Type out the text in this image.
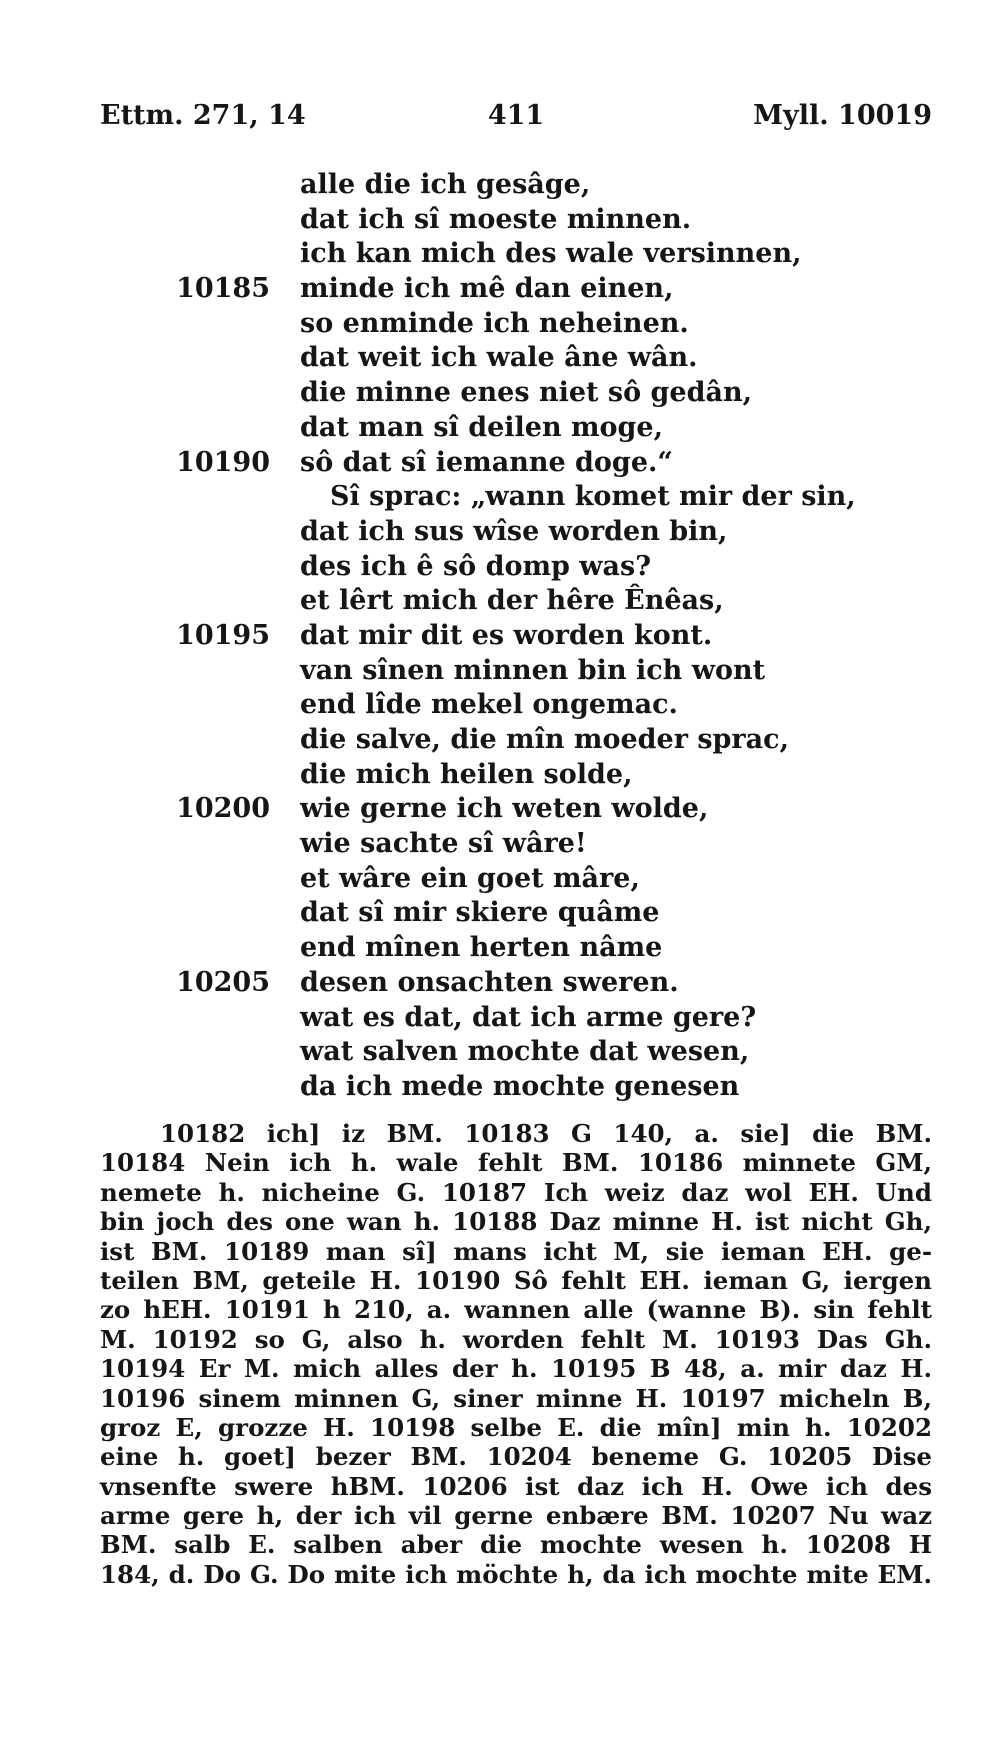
Ettm. 271, 14	411	Myll. 10019
alle die ich gesâge,
dat ich sî moeste minnen.
ich kan mich des wale versinnen,
10185 minde ich mê dan einen,
so enminde ich neheinen.
dat weit ich wale âne wân.
die minne enes niet sô gedân,
dat man sî deilen moge,
10190 sô dat sî iemanne doge.“
Sî sprac: „wann komet mir der sin,
dat ich sus wîse worden bin,
des ich ê sô domp was?
et lêrt mich der hêre Ênêas,
10195 dat mir dit es worden kont.
van sînen minnen bin ich wont
end lîde mekel ongemac.
die salve, die mîn moeder sprac,
die mich heilen solde,
10200 wie gerne ich weten wolde,
wie sachte sî wâre!
et wâre ein goet mâre,
dat sî mir skiere quâme
end mînen herten nâme
10205 desen onsachten sweren.
wat es dat, dat ich arme gere?
wat salven mochte dat wesen,
da ich mede mochte genesen
10182 ich] iz BM. 10183 G 140, a. sie] die BM.
10184 Nein ich h. wale fehlt BM. 10186 minnete GM,
nemete h. nicheine G. 10187 Ich weiz daz wol EH. Und
bin joch des one wan h. 10188 Daz minne H. ist nicht Gh,
ist BM. 10189 man sî] mans icht M, sie ieman EH. ge-
teilen BM, geteile H. 10190 Sô fehlt EH. ieman G, iergen
zo hEH. 10191 h 210, a. wannen alle (wanne B). sin fehlt
M. 10192 so G, also h. worden fehlt M. 10193 Das Gh.
10194 Er M. mich alles der h. 10195 B 48, a. mir daz H.
10196 sinem minnen G, siner minne H. 10197 micheln B,
groz E, grozze H. 10198 selbe E. die mîn] min h. 10202
eine h. goet] bezer BM. 10204 beneme G. 10205 Dise
vnsenfte swere hBM. 10206 ist daz ich H. Owe ich des
arme gere h, der ich vil gerne enbære BM. 10207 Nu waz
BM. salb E. salben aber die mochte wesen h. 10208 H
184, d. Do G. Do mite ich möchte h, da ich mochte mite EM.
